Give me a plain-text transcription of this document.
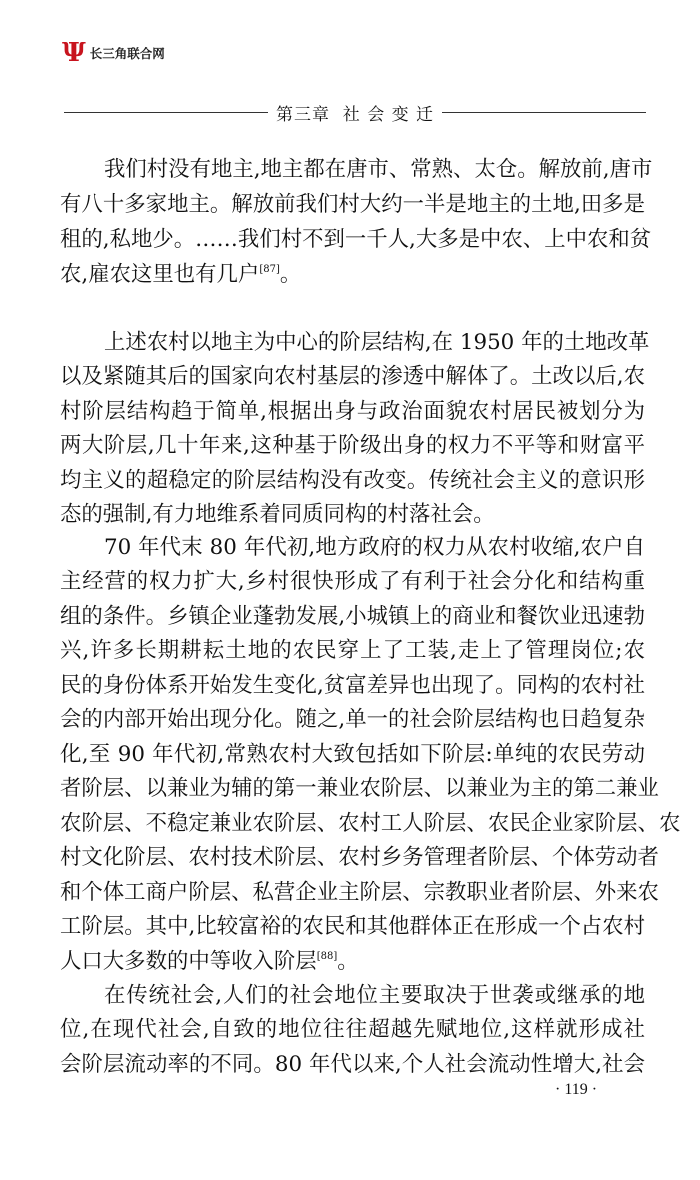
Ψ 长三角联合网
第三章  社 会 变 迁
我们村没有地主,地主都在唐市、常熟、太仓。解放前,唐市
有八十多家地主。解放前我们村大约一半是地主的土地,田多是
租的,私地少。……我们村不到一千人,大多是中农、上中农和贫
农,雇农这里也有几户[87]。
上述农村以地主为中心的阶层结构,在 1950 年的土地改革
以及紧随其后的国家向农村基层的渗透中解体了。土改以后,农
村阶层结构趋于简单,根据出身与政治面貌农村居民被划分为
两大阶层,几十年来,这种基于阶级出身的权力不平等和财富平
均主义的超稳定的阶层结构没有改变。传统社会主义的意识形
态的强制,有力地维系着同质同构的村落社会。
70 年代末 80 年代初,地方政府的权力从农村收缩,农户自
主经营的权力扩大,乡村很快形成了有利于社会分化和结构重
组的条件。乡镇企业蓬勃发展,小城镇上的商业和餐饮业迅速勃
兴,许多长期耕耘土地的农民穿上了工装,走上了管理岗位;农
民的身份体系开始发生变化,贫富差异也出现了。同构的农村社
会的内部开始出现分化。随之,单一的社会阶层结构也日趋复杂
化,至 90 年代初,常熟农村大致包括如下阶层:单纯的农民劳动
者阶层、以兼业为辅的第一兼业农阶层、以兼业为主的第二兼业
农阶层、不稳定兼业农阶层、农村工人阶层、农民企业家阶层、农
村文化阶层、农村技术阶层、农村乡务管理者阶层、个体劳动者
和个体工商户阶层、私营企业主阶层、宗教职业者阶层、外来农
工阶层。其中,比较富裕的农民和其他群体正在形成一个占农村
人口大多数的中等收入阶层[88]。
在传统社会,人们的社会地位主要取决于世袭或继承的地
位,在现代社会,自致的地位往往超越先赋地位,这样就形成社
会阶层流动率的不同。80 年代以来,个人社会流动性增大,社会
· 119 ·
